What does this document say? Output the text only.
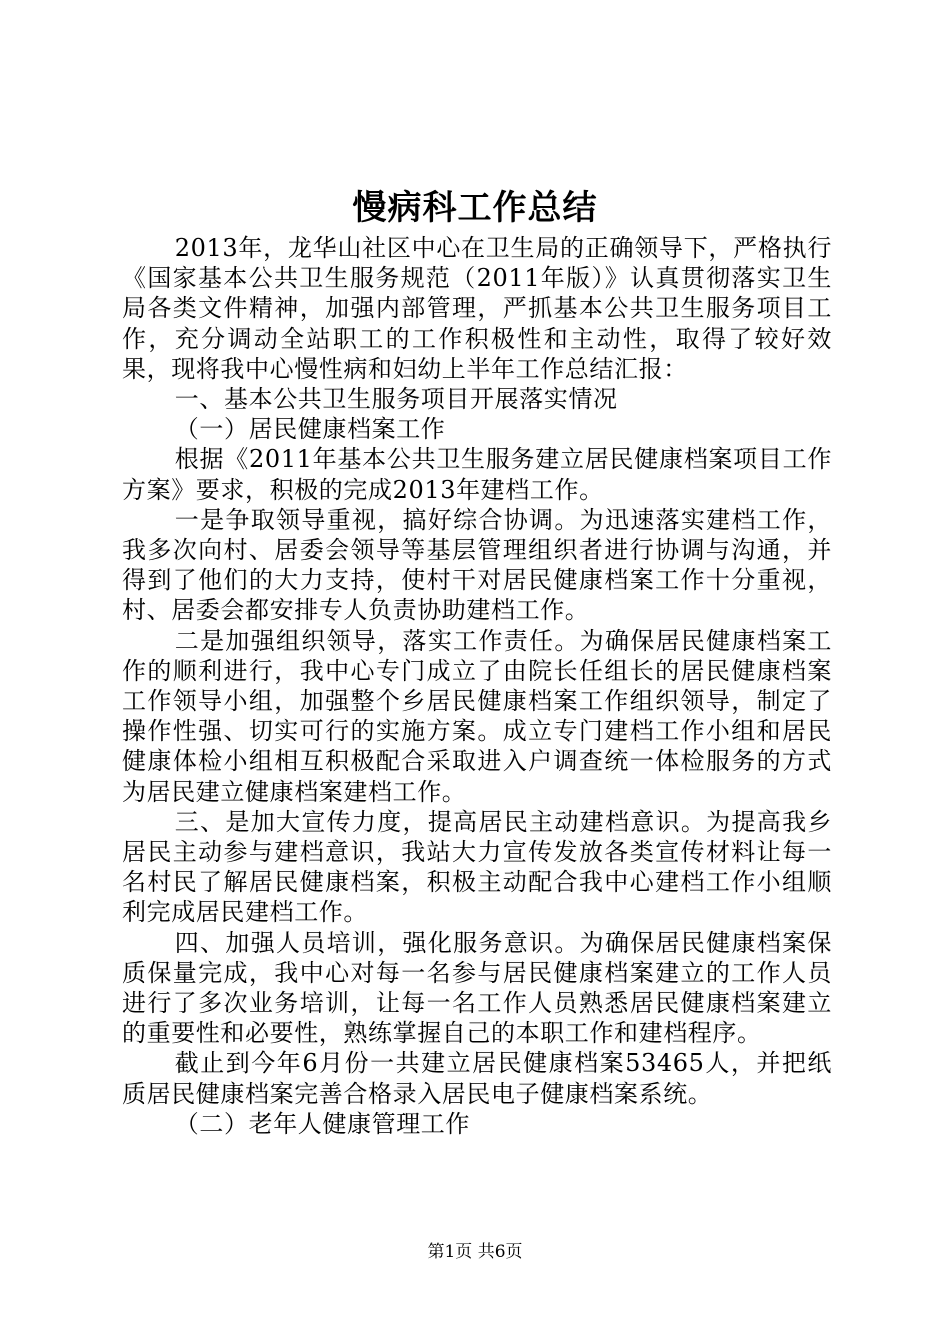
慢病科工作总结

2013年，龙华山社区中心在卫生局的正确领导下，严格执行《国家基本公共卫生服务规范（2011年版）》认真贯彻落实卫生局各类文件精神，加强内部管理，严抓基本公共卫生服务项目工作，充分调动全站职工的工作积极性和主动性，取得了较好效果，现将我中心慢性病和妇幼上半年工作总结汇报：

一、基本公共卫生服务项目开展落实情况

（一）居民健康档案工作

根据《2011年基本公共卫生服务建立居民健康档案项目工作方案》要求，积极的完成2013年建档工作。

一是争取领导重视，搞好综合协调。为迅速落实建档工作，我多次向村、居委会领导等基层管理组织者进行协调与沟通，并得到了他们的大力支持，使村干对居民健康档案工作十分重视，村、居委会都安排专人负责协助建档工作。

二是加强组织领导，落实工作责任。为确保居民健康档案工作的顺利进行，我中心专门成立了由院长任组长的居民健康档案工作领导小组，加强整个乡居民健康档案工作组织领导，制定了操作性强、切实可行的实施方案。成立专门建档工作小组和居民健康体检小组相互积极配合采取进入户调查统一体检服务的方式为居民建立健康档案建档工作。

三、是加大宣传力度，提高居民主动建档意识。为提高我乡居民主动参与建档意识，我站大力宣传发放各类宣传材料让每一名村民了解居民健康档案，积极主动配合我中心建档工作小组顺利完成居民建档工作。

四、加强人员培训，强化服务意识。为确保居民健康档案保质保量完成，我中心对每一名参与居民健康档案建立的工作人员进行了多次业务培训，让每一名工作人员熟悉居民健康档案建立的重要性和必要性，熟练掌握自己的本职工作和建档程序。

截止到今年6月份一共建立居民健康档案53465人，并把纸质居民健康档案完善合格录入居民电子健康档案系统。

（二）老年人健康管理工作

第1页 共6页
